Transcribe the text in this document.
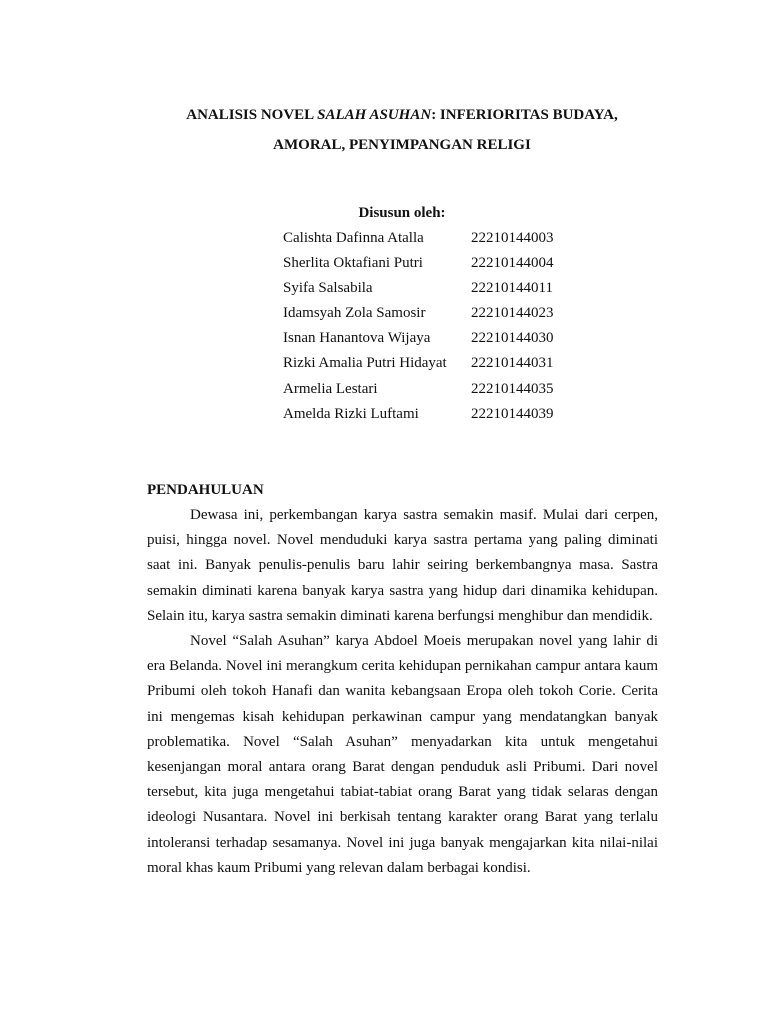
ANALISIS NOVEL SALAH ASUHAN: INFERIORITAS BUDAYA,
AMORAL, PENYIMPANGAN RELIGI
Disusun oleh:
Calishta Dafinna Atalla	22210144003
Sherlita Oktafiani Putri	22210144004
Syifa Salsabila	22210144011
Idamsyah Zola Samosir	22210144023
Isnan Hanantova Wijaya	22210144030
Rizki Amalia Putri Hidayat	22210144031
Armelia Lestari	22210144035
Amelda Rizki Luftami	22210144039
PENDAHULUAN

Dewasa ini, perkembangan karya sastra semakin masif. Mulai dari cerpen, puisi, hingga novel. Novel menduduki karya sastra pertama yang paling diminati saat ini. Banyak penulis-penulis baru lahir seiring berkembangnya masa. Sastra semakin diminati karena banyak karya sastra yang hidup dari dinamika kehidupan. Selain itu, karya sastra semakin diminati karena berfungsi menghibur dan mendidik.

Novel “Salah Asuhan” karya Abdoel Moeis merupakan novel yang lahir di era Belanda. Novel ini merangkum cerita kehidupan pernikahan campur antara kaum Pribumi oleh tokoh Hanafi dan wanita kebangsaan Eropa oleh tokoh Corie. Cerita ini mengemas kisah kehidupan perkawinan campur yang mendatangkan banyak problematika. Novel “Salah Asuhan” menyadarkan kita untuk mengetahui kesenjangan moral antara orang Barat dengan penduduk asli Pribumi. Dari novel tersebut, kita juga mengetahui tabiat-tabiat orang Barat yang tidak selaras dengan ideologi Nusantara. Novel ini berkisah tentang karakter orang Barat yang terlalu intoleransi terhadap sesamanya. Novel ini juga banyak mengajarkan kita nilai-nilai moral khas kaum Pribumi yang relevan dalam berbagai kondisi.
